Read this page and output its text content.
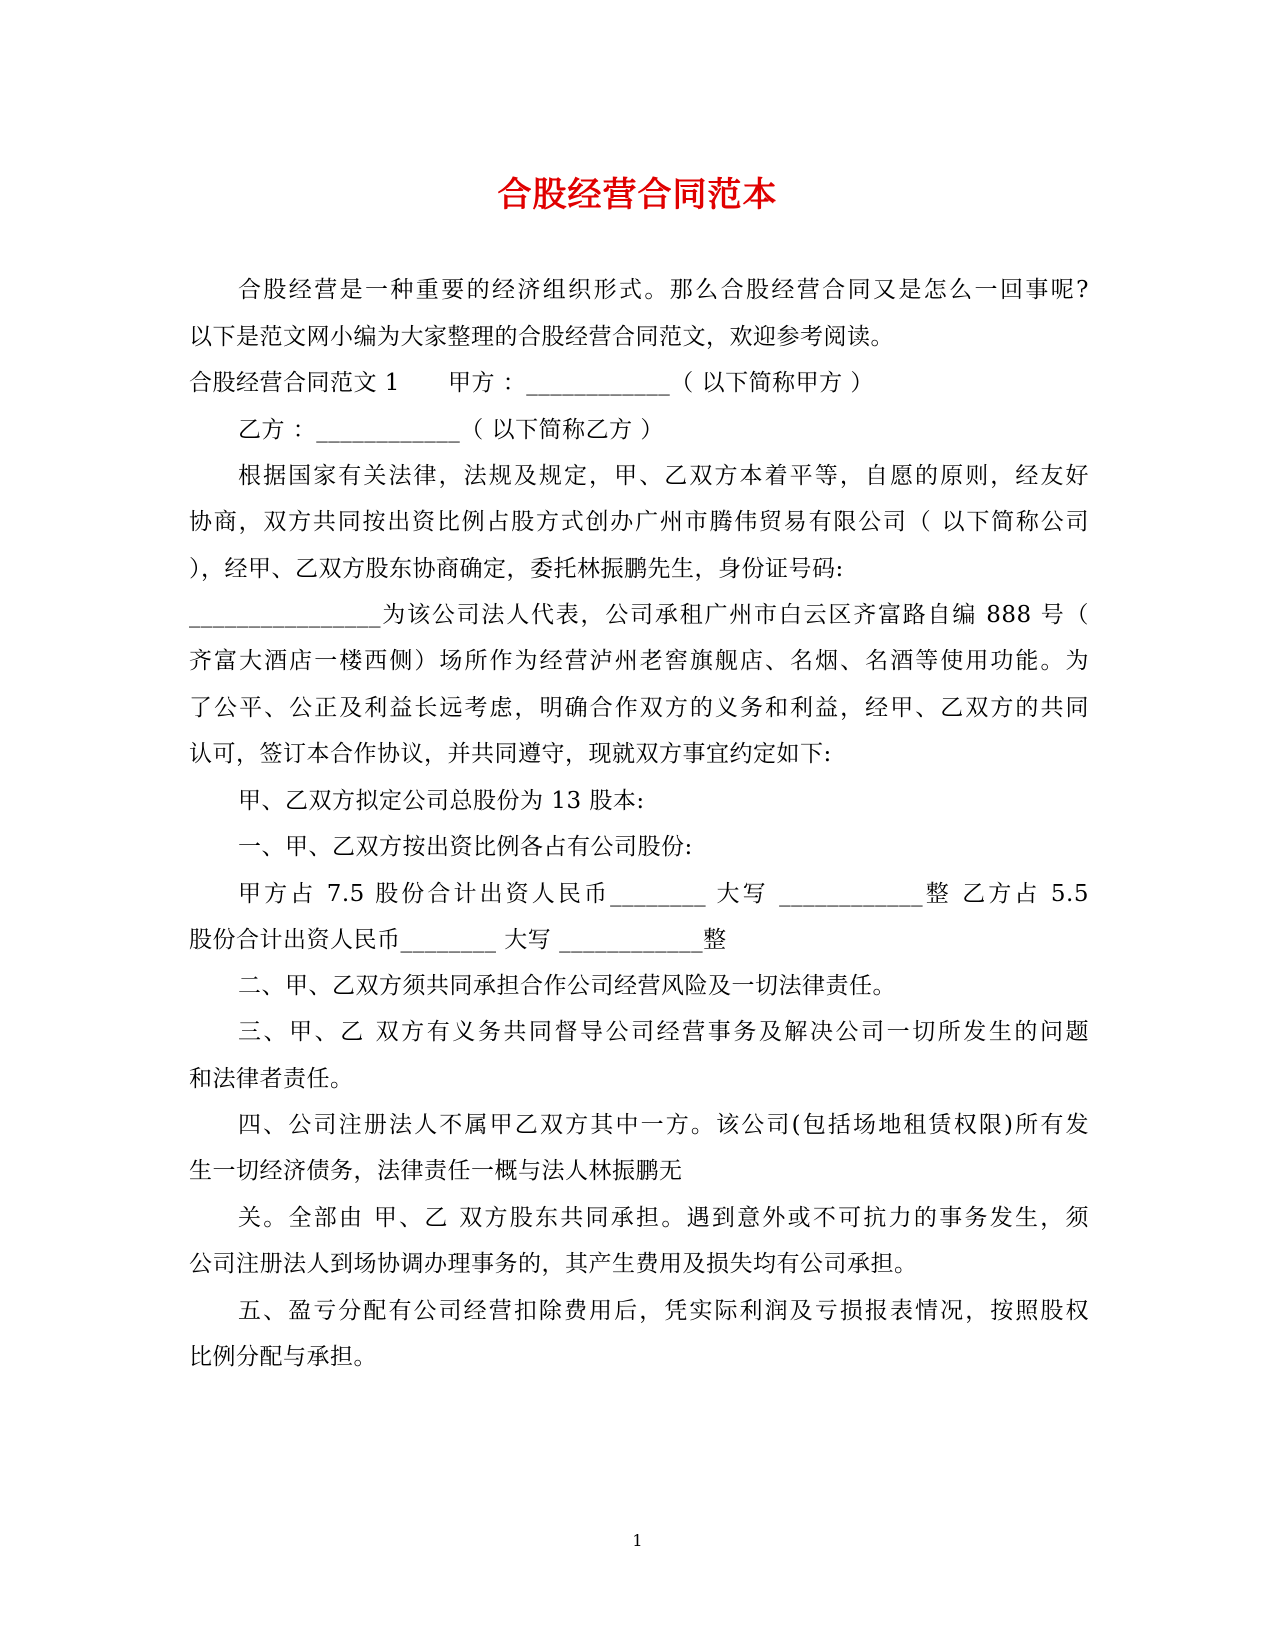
合股经营合同范本
合股经营是一种重要的经济组织形式。那么合股经营合同又是怎么一回事呢?
以下是范文网小编为大家整理的合股经营合同范文，欢迎参考阅读。
合股经营合同范文 1 甲方 ：____________（ 以下简称甲方 ）
乙方 ：____________（ 以下简称乙方 ）
根据国家有关法律，法规及规定，甲、乙双方本着平等，自愿的原则，经友好
协商，双方共同按出资比例占股方式创办广州市腾伟贸易有限公司（ 以下简称公司
），经甲、乙双方股东协商确定，委托林振鹏先生，身份证号码:
________________为该公司法人代表，公司承租广州市白云区齐富路自编 888 号（
齐富大酒店一楼西侧）场所作为经营泸州老窖旗舰店、名烟、名酒等使用功能。为
了公平、公正及利益长远考虑，明确合作双方的义务和利益，经甲、乙双方的共同
认可，签订本合作协议，并共同遵守，现就双方事宜约定如下:
甲、乙双方拟定公司总股份为 13 股本:
一、甲、乙双方按出资比例各占有公司股份:
甲方占 7.5 股份合计出资人民币________ 大写 ____________整 乙方占 5.5
股份合计出资人民币________ 大写 ____________整
二、甲、乙双方须共同承担合作公司经营风险及一切法律责任。
三、甲、乙 双方有义务共同督导公司经营事务及解决公司一切所发生的问题
和法律者责任。
四、公司注册法人不属甲乙双方其中一方。该公司(包括场地租赁权限)所有发
生一切经济债务，法律责任一概与法人林振鹏无
关。全部由 甲、乙 双方股东共同承担。遇到意外或不可抗力的事务发生，须
公司注册法人到场协调办理事务的，其产生费用及损失均有公司承担。
五、盈亏分配有公司经营扣除费用后，凭实际利润及亏损报表情况，按照股权
比例分配与承担。
1
